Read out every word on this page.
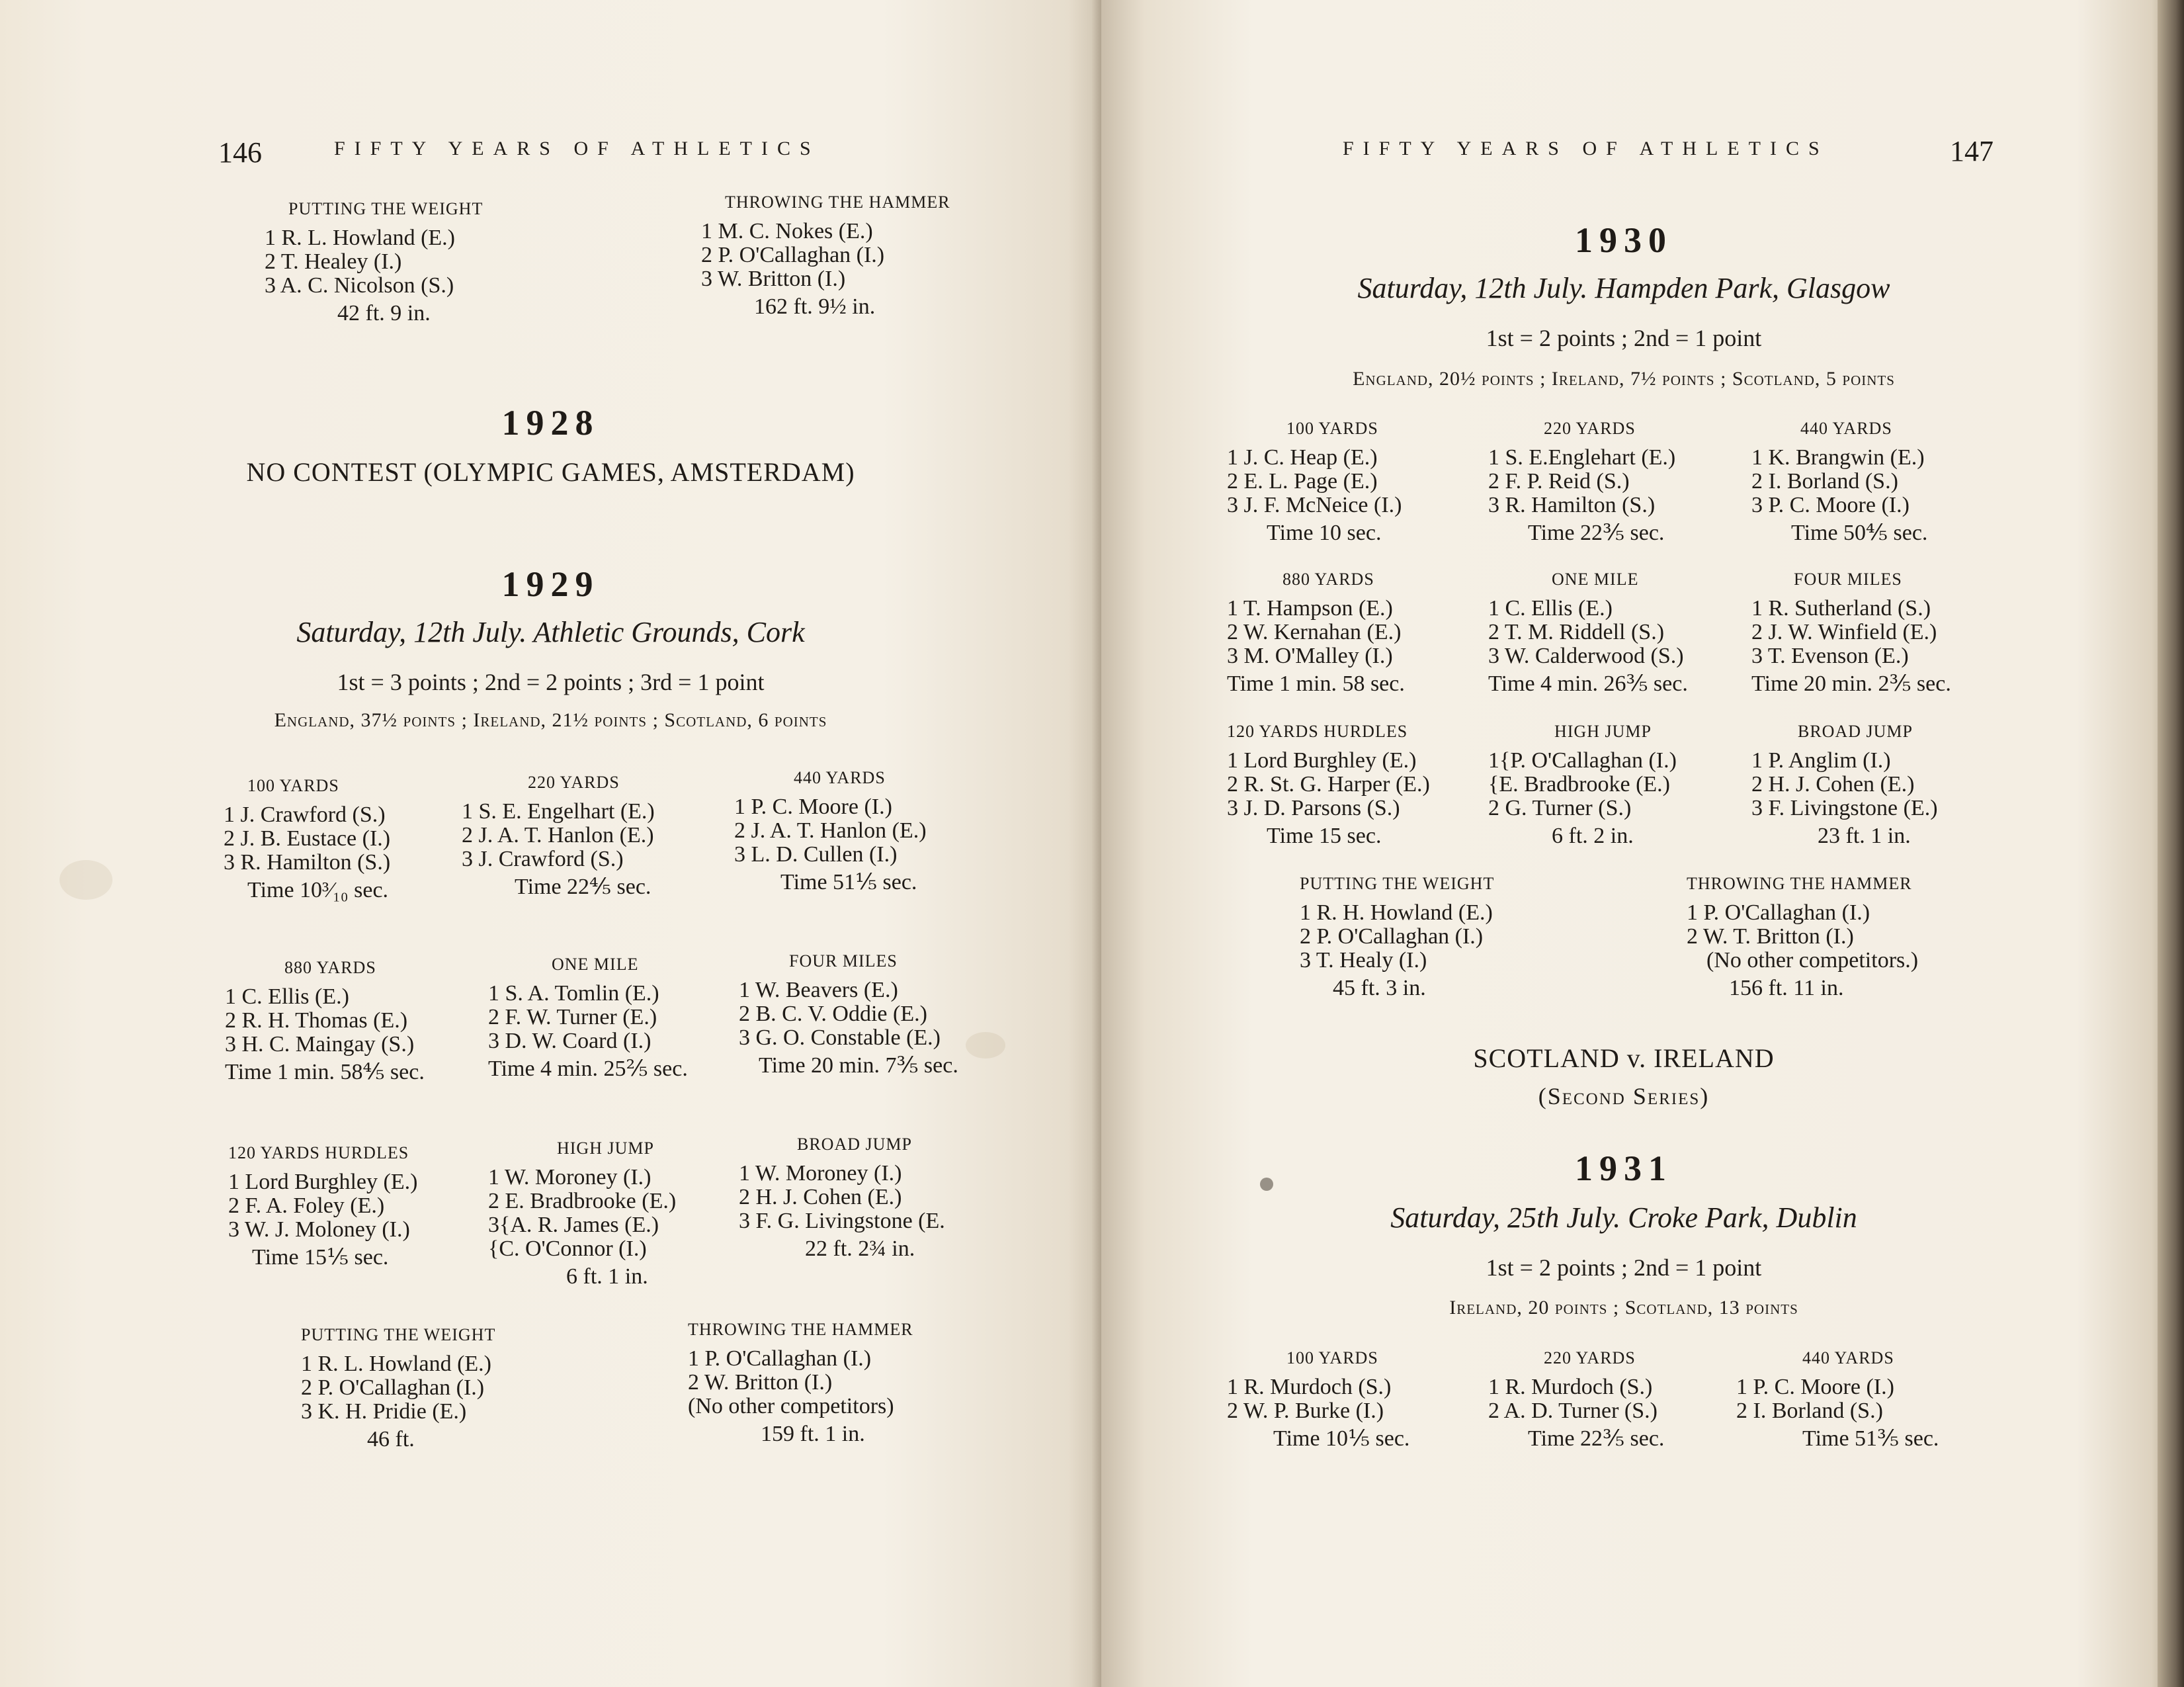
146	FIFTY YEARS OF ATHLETICS
PUTTING THE WEIGHT
1 R. L. Howland (E.)
2 T. Healey (I.)
3 A. C. Nicolson (S.)
42 ft. 9 in.
THROWING THE HAMMER
1 M. C. Nokes (E.)
2 P. O'Callaghan (I.)
3 W. Britton (I.)
162 ft. 9½ in.
1928
NO CONTEST (OLYMPIC GAMES, AMSTERDAM)
1929
Saturday, 12th July. Athletic Grounds, Cork
1st = 3 points ; 2nd = 2 points ; 3rd = 1 point
England, 37½ points ; Ireland, 21½ points ; Scotland, 6 points
100 YARDS
1 J. Crawford (S.)
2 J. B. Eustace (I.)
3 R. Hamilton (S.)
Time 10³⁄₁₀ sec.
220 YARDS
1 S. E. Engelhart (E.)
2 J. A. T. Hanlon (E.)
3 J. Crawford (S.)
Time 22⅘ sec.
440 YARDS
1 P. C. Moore (I.)
2 J. A. T. Hanlon (E.)
3 L. D. Cullen (I.)
Time 51⅕ sec.
880 YARDS
1 C. Ellis (E.)
2 R. H. Thomas (E.)
3 H. C. Maingay (S.)
Time 1 min. 58⅘ sec.
ONE MILE
1 S. A. Tomlin (E.)
2 F. W. Turner (E.)
3 D. W. Coard (I.)
Time 4 min. 25⅖ sec.
FOUR MILES
1 W. Beavers (E.)
2 B. C. V. Oddie (E.)
3 G. O. Constable (E.)
Time 20 min. 7⅗ sec.
120 YARDS HURDLES
1 Lord Burghley (E.)
2 F. A. Foley (E.)
3 W. J. Moloney (I.)
Time 15⅕ sec.
HIGH JUMP
1 W. Moroney (I.)
2 E. Bradbrooke (E.)
3{A. R. James (E.)
{C. O'Connor (I.)
6 ft. 1 in.
BROAD JUMP
1 W. Moroney (I.)
2 H. J. Cohen (E.)
3 F. G. Livingstone (E.
22 ft. 2¾ in.
PUTTING THE WEIGHT
1 R. L. Howland (E.)
2 P. O'Callaghan (I.)
3 K. H. Pridie (E.)
46 ft.
THROWING THE HAMMER
1 P. O'Callaghan (I.)
2 W. Britton (I.)
(No other competitors)
159 ft. 1 in.
FIFTY YEARS OF ATHLETICS	147
1930
Saturday, 12th July. Hampden Park, Glasgow
1st = 2 points ; 2nd = 1 point
England, 20½ points ; Ireland, 7½ points ; Scotland, 5 points
100 YARDS
1 J. C. Heap (E.)
2 E. L. Page (E.)
3 J. F. McNeice (I.)
Time 10 sec.
220 YARDS
1 S. E.Englehart (E.)
2 F. P. Reid (S.)
3 R. Hamilton (S.)
Time 22⅗ sec.
440 YARDS
1 K. Brangwin (E.)
2 I. Borland (S.)
3 P. C. Moore (I.)
Time 50⅘ sec.
880 YARDS
1 T. Hampson (E.)
2 W. Kernahan (E.)
3 M. O'Malley (I.)
Time 1 min. 58 sec.
ONE MILE
1 C. Ellis (E.)
2 T. M. Riddell (S.)
3 W. Calderwood (S.)
Time 4 min. 26⅗ sec.
FOUR MILES
1 R. Sutherland (S.)
2 J. W. Winfield (E.)
3 T. Evenson (E.)
Time 20 min. 2⅗ sec.
120 YARDS HURDLES
1 Lord Burghley (E.)
2 R. St. G. Harper (E.)
3 J. D. Parsons (S.)
Time 15 sec.
HIGH JUMP
1{P. O'Callaghan (I.)
{E. Bradbrooke (E.)
2 G. Turner (S.)
6 ft. 2 in.
BROAD JUMP
1 P. Anglim (I.)
2 H. J. Cohen (E.)
3 F. Livingstone (E.)
23 ft. 1 in.
PUTTING THE WEIGHT
1 R. H. Howland (E.)
2 P. O'Callaghan (I.)
3 T. Healy (I.)
45 ft. 3 in.
THROWING THE HAMMER
1 P. O'Callaghan (I.)
2 W. T. Britton (I.)
(No other competitors.)
156 ft. 11 in.
SCOTLAND v. IRELAND
(Second Series)
1931
Saturday, 25th July. Croke Park, Dublin
1st = 2 points ; 2nd = 1 point
Ireland, 20 points ; Scotland, 13 points
100 YARDS
1 R. Murdoch (S.)
2 W. P. Burke (I.)
Time 10⅕ sec.
220 YARDS
1 R. Murdoch (S.)
2 A. D. Turner (S.)
Time 22⅗ sec.
440 YARDS
1 P. C. Moore (I.)
2 I. Borland (S.)
Time 51⅗ sec.
